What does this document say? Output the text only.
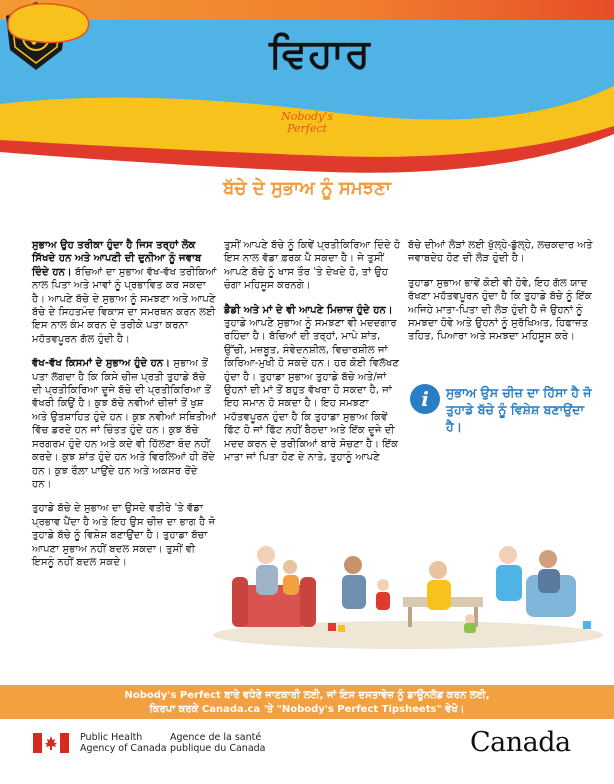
ਵਿਹਾਰ
Nobody's
Perfect
ਬੱਚੇ ਦੇ ਸੁਭਾਅ ਨੂੰ ਸਮਝਣਾ

ਸੁਭਾਅ ਉਹ ਤਰੀਕਾ ਹੁੰਦਾ ਹੈ ਜਿਸ ਤਰ੍ਹਾਂ ਲੋਕ ਸਿੱਖਦੇ ਹਨ ਅਤੇ ਆਪਣੀ ਦੀ ਦੁਨੀਆ ਨੂੰ ਜਵਾਬ ਦਿੰਦੇ ਹਨ। ਬੱਚਿਆਂ ਦਾ ਸੁਭਾਅ ਵੱਖ-ਵੱਖ ਤਰੀਕਿਆਂ ਨਾਲ ਪਿਤਾ ਅਤੇ ਮਾਵਾਂ ਨੂੰ ਪ੍ਰਭਾਵਿਤ ਕਰ ਸਕਦਾ ਹੈ। ਆਪਣੇ ਬੱਚੇ ਦੇ ਸੁਭਾਅ ਨੂੰ ਸਮਝਣਾ ਅਤੇ ਆਪਣੇ ਬੱਚੇ ਦੇ ਸਿਹਤਮੰਦ ਵਿਕਾਸ ਦਾ ਸਮਰਥਨ ਕਰਨ ਲਈ ਇਸ ਨਾਲ ਕੰਮ ਕਰਨ ਦੇ ਤਰੀਕੇ ਪਤਾ ਕਰਨਾ ਮਹੱਤਵਪੂਰਨ ਗੱਲ ਹੁੰਦੀ ਹੈ।

ਵੱਖ-ਵੱਖ ਕਿਸਮਾਂ ਦੇ ਸੁਭਾਅ ਹੁੰਦੇ ਹਨ। ਸੁਭਾਅ ਤੋਂ ਪਤਾ ਲੱਗਦਾ ਹੈ ਕਿ ਕਿਸੇ ਚੀਜ਼ ਪ੍ਰਤੀ ਤੁਹਾਡੇ ਬੱਚੇ ਦੀ ਪ੍ਰਤੀਕਿਰਿਆ ਦੂਜੇ ਬੱਚੇ ਦੀ ਪ੍ਰਤੀਕਿਰਿਆ ਤੋਂ ਵੱਖਰੀ ਕਿਉਂ ਹੈ। ਕੁਝ ਬੱਚੇ ਨਵੀਆਂ ਚੀਜ਼ਾਂ ਤੋਂ ਖੁਸ਼ ਅਤੇ ਉਤਸ਼ਾਹਿਤ ਹੁੰਦੇ ਹਨ। ਕੁਝ ਨਵੀਆਂ ਸਥਿਤੀਆਂ ਵਿੱਚ ਡਰਦੇ ਹਨ ਜਾਂ ਚਿੰਤਤ ਹੁੰਦੇ ਹਨ। ਕੁਝ ਬੱਚੇ ਸਰਗਰਮ ਹੁੰਦੇ ਹਨ ਅਤੇ ਕਦੇ ਵੀ ਹਿੱਲਣਾ ਬੰਦ ਨਹੀਂ ਕਰਦੇ। ਕੁਝ ਸ਼ਾਂਤ ਹੁੰਦੇ ਹਨ ਅਤੇ ਵਿਰਲਿਆਂ ਹੀ ਰੋਂਦੇ ਹਨ। ਕੁਝ ਰੌਲ਼ਾ ਪਾਉਂਦੇ ਹਨ ਅਤੇ ਅਕਸਰ ਰੋਂਦੇ ਹਨ।

ਤੁਹਾਡੇ ਬੱਚੇ ਦੇ ਸੁਭਾਅ ਦਾ ਉਸਦੇ ਵਤੀਰੇ 'ਤੇ ਵੱਡਾ ਪ੍ਰਭਾਵ ਪੈਂਦਾ ਹੈ ਅਤੇ ਇਹ ਉਸ ਚੀਜ਼ ਦਾ ਭਾਗ ਹੈ ਜੋ ਤੁਹਾਡੇ ਬੱਚੇ ਨੂੰ ਵਿਸ਼ੇਸ਼ ਬਣਾਉਂਦਾ ਹੈ। ਤੁਹਾਡਾ ਬੱਚਾ ਆਪਣਾ ਸੁਭਾਅ ਨਹੀਂ ਬਦਲ ਸਕਦਾ। ਤੁਸੀਂ ਵੀ ਇਸਨੂੰ ਨਹੀਂ ਬਦਲ ਸਕਦੇ।

ਤੁਸੀਂ ਆਪਣੇ ਬੱਚੇ ਨੂੰ ਕਿਵੇਂ ਪ੍ਰਤੀਕਿਰਿਆ ਦਿੰਦੇ ਹੋ ਇਸ ਨਾਲ ਵੱਡਾ ਫ਼ਰਕ ਪੈ ਸਕਦਾ ਹੈ। ਜੇ ਤੁਸੀਂ ਆਪਣੇ ਬੱਚੇ ਨੂੰ ਖਾਸ ਤੌਰ 'ਤੇ ਦੇਖਦੇ ਹੋ, ਤਾਂ ਉਹ ਚੰਗਾ ਮਹਿਸੂਸ ਕਰਨਗੇ।

ਡੈਡੀ ਅਤੇ ਮਾਂ ਦੇ ਵੀ ਆਪਣੇ ਮਿਜ਼ਾਜ਼ ਹੁੰਦੇ ਹਨ। ਤੁਹਾਡੇ ਆਪਣੇ ਸੁਭਾਅ ਨੂੰ ਸਮਝਣਾ ਵੀ ਮਦਦਗਾਰ ਰਹਿੰਦਾ ਹੈ। ਬੱਚਿਆਂ ਦੀ ਤਰ੍ਹਾਂ, ਮਾਪੇ ਸ਼ਾਂਤ, ਉੱਚੀ, ਮਜ਼ਬੂਤ, ਸੰਵੇਦਨਸ਼ੀਲ, ਵਿਚਾਰਸ਼ੀਲ ਜਾਂ ਕਿਰਿਆ-ਮੁਖੀ ਹੋ ਸਕਦੇ ਹਨ। ਹਰ ਕੋਈ ਵਿਲੱਖਣ ਹੁੰਦਾ ਹੈ। ਤੁਹਾਡਾ ਸੁਭਾਅ ਤੁਹਾਡੇ ਬੱਚੇ ਅਤੇ/ਜਾਂ ਉਹਨਾਂ ਦੀ ਮਾਂ ਤੋਂ ਬਹੁਤ ਵੱਖਰਾ ਹੋ ਸਕਦਾ ਹੈ, ਜਾਂ ਇਹ ਸਮਾਨ ਹੋ ਸਕਦਾ ਹੈ। ਇਹ ਸਮਝਣਾ ਮਹੱਤਵਪੂਰਨ ਹੁੰਦਾ ਹੈ ਕਿ ਤੁਹਾਡਾ ਸੁਭਾਅ ਕਿਵੇਂ ਫਿੱਟ ਹੋ ਜਾਂ ਫਿੱਟ ਨਹੀਂ ਬੈਠਦਾ ਅਤੇ ਇੱਕ ਦੂਜੇ ਦੀ ਮਦਦ ਕਰਨ ਦੇ ਤਰੀਕਿਆਂ ਬਾਰੇ ਸੋਚਣਾ ਹੈ। ਇੱਕ ਮਾਤਾ ਜਾਂ ਪਿਤਾ ਹੋਣ ਦੇ ਨਾਤੇ, ਤੁਹਾਨੂੰ ਆਪਣੇ

ਬੱਚੇ ਦੀਆਂ ਲੋੜਾਂ ਲਈ ਖੁੱਲ੍ਹੇ-ਡੁੱਲ੍ਹੇ, ਲਚਕਦਾਰ ਅਤੇ ਜਵਾਬਦੇਹ ਹੋਣ ਦੀ ਲੋੜ ਹੁੰਦੀ ਹੈ।

ਤੁਹਾਡਾ ਸੁਭਾਅ ਭਾਵੇਂ ਕੋਈ ਵੀ ਹੋਵੇ, ਇਹ ਗੱਲ ਯਾਦ ਰੱਖਣਾ ਮਹੱਤਵਪੂਰਨ ਹੁੰਦਾ ਹੈ ਕਿ ਤੁਹਾਡੇ ਬੱਚੇ ਨੂੰ ਇੱਕ ਅਜਿਹੇ ਮਾਤਾ-ਪਿਤਾ ਦੀ ਲੋੜ ਹੁੰਦੀ ਹੈ ਜੋ ਉਹਨਾਂ ਨੂੰ ਸਮਝਦਾ ਹੋਵੇ ਅਤੇ ਉਹਨਾਂ ਨੂੰ ਸੁਰੱਖਿਅਤ, ਹਿਫਾਜ਼ਤ ਤਹਿਤ, ਪਿਆਰਾ ਅਤੇ ਸਮਝਦਾ ਮਹਿਸੂਸ ਕਰੇ।

i	ਸੁਭਾਅ ਉਸ ਚੀਜ਼ ਦਾ ਹਿੱਸਾ ਹੈ ਜੋ ਤੁਹਾਡੇ ਬੱਚੇ ਨੂੰ ਵਿਸ਼ੇਸ਼ ਬਣਾਉਂਦਾ ਹੈ।
Nobody's Perfect ਬਾਰੇ ਵਧੇਰੇ ਜਾਣਕਾਰੀ ਲਈ, ਜਾਂ ਇਸ ਦਸਤਾਵੇਜ਼ ਨੂੰ ਡਾਊਨਲੋਡ ਕਰਨ ਲਈ,
ਕਿਰਪਾ ਕਰਕੇ Canada.ca 'ਤੇ "Nobody's Perfect Tipsheets" ਵੇਖੋ।
Public Health
Agency of Canada
Agence de la santé
publique du Canada	Canada
